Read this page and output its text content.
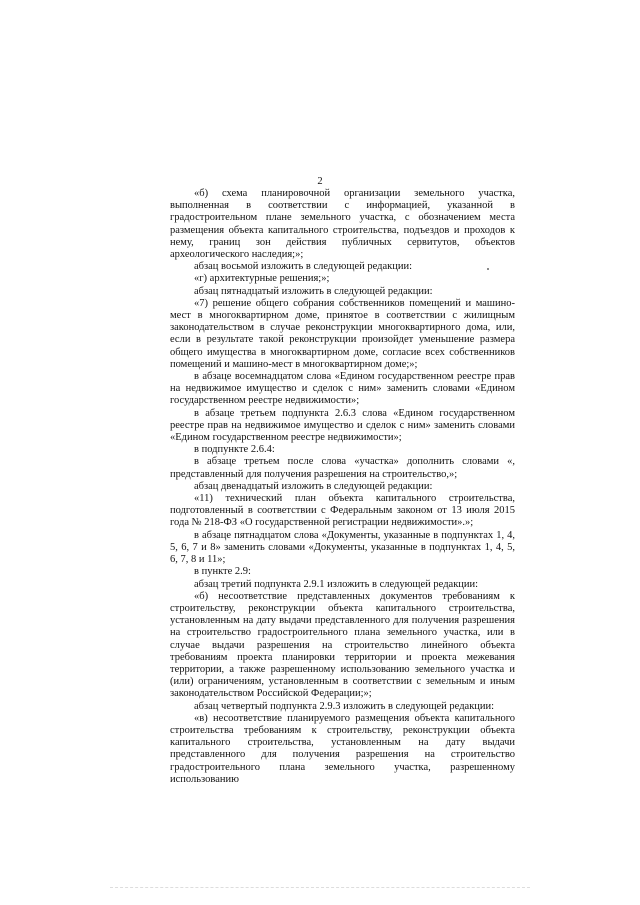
2

«б) схема планировочной организации земельного участка, выполненная в соответствии с информацией, указанной в градостроительном плане земельного участка, с обозначением места размещения объекта капитального строительства, подъездов и проходов к нему, границ зон действия публичных сервитутов, объектов археологического наследия;»;

абзац восьмой изложить в следующей редакции:

«г) архитектурные решения;»;

абзац пятнадцатый изложить в следующей редакции:

«7) решение общего собрания собственников помещений и машино-мест в многоквартирном доме, принятое в соответствии с жилищным законодательством в случае реконструкции многоквартирного дома, или, если в результате такой реконструкции произойдет уменьшение размера общего имущества в многоквартирном доме, согласие всех собственников помещений и машино-мест в многоквартирном доме;»;

в абзаце восемнадцатом слова «Едином государственном реестре прав на недвижимое имущество и сделок с ним» заменить словами «Едином государственном реестре недвижимости»;

в абзаце третьем подпункта 2.6.3 слова «Едином государственном реестре прав на недвижимое имущество и сделок с ним» заменить словами «Едином государственном реестре недвижимости»;

в подпункте 2.6.4:

в абзаце третьем после слова «участка» дополнить словами «, представленный для получения разрешения на строительство,»;

абзац двенадцатый изложить в следующей редакции:

«11) технический план объекта капитального строительства, подготовленный в соответствии с Федеральным законом от 13 июля 2015 года № 218-ФЗ «О государственной регистрации недвижимости».»;

в абзаце пятнадцатом слова «Документы, указанные в подпунктах 1, 4, 5, 6, 7 и 8» заменить словами «Документы, указанные в подпунктах 1, 4, 5, 6, 7, 8 и 11»;

в пункте 2.9:

абзац третий подпункта 2.9.1 изложить в следующей редакции:

«б) несоответствие представленных документов требованиям к строительству, реконструкции объекта капитального строительства, установленным на дату выдачи представленного для получения разрешения на строительство градостроительного плана земельного участка, или в случае выдачи разрешения на строительство линейного объекта требованиям проекта планировки территории и проекта межевания территории, а также разрешенному использованию земельного участка и (или) ограничениям, установленным в соответствии с земельным и иным законодательством Российской Федерации;»;

абзац четвертый подпункта 2.9.3 изложить в следующей редакции:

«в) несоответствие планируемого размещения объекта капитального строительства требованиям к строительству, реконструкции объекта капитального строительства, установленным на дату выдачи представленного для получения разрешения на строительство градостроительного плана земельного участка, разрешенному использованию
